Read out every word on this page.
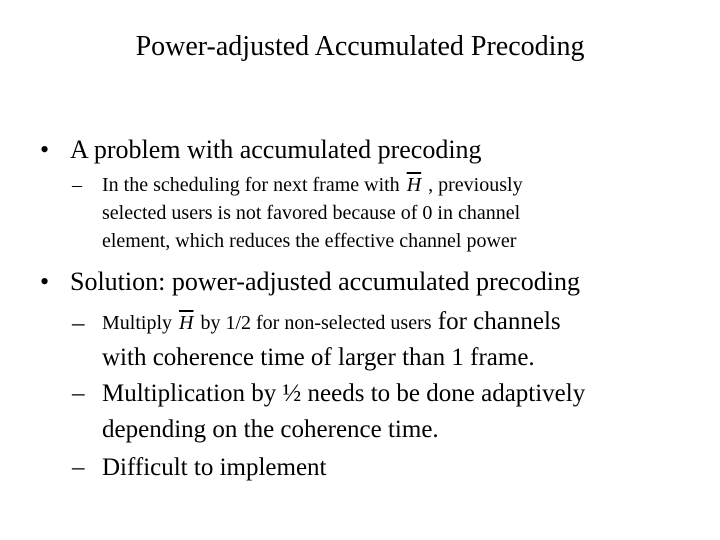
Power-adjusted Accumulated Precoding
• A problem with accumulated precoding
– In the scheduling for next frame with $\overline{H}$ , previously
selected users is not favored because of 0 in channel
element, which reduces the effective channel power
• Solution: power-adjusted accumulated precoding
– Multiply $\overline{H}$ by 1/2 for non-selected users for channels
with coherence time of larger than 1 frame.
– Multiplication by ½ needs to be done adaptively
depending on the coherence time.
– Difficult to implement
